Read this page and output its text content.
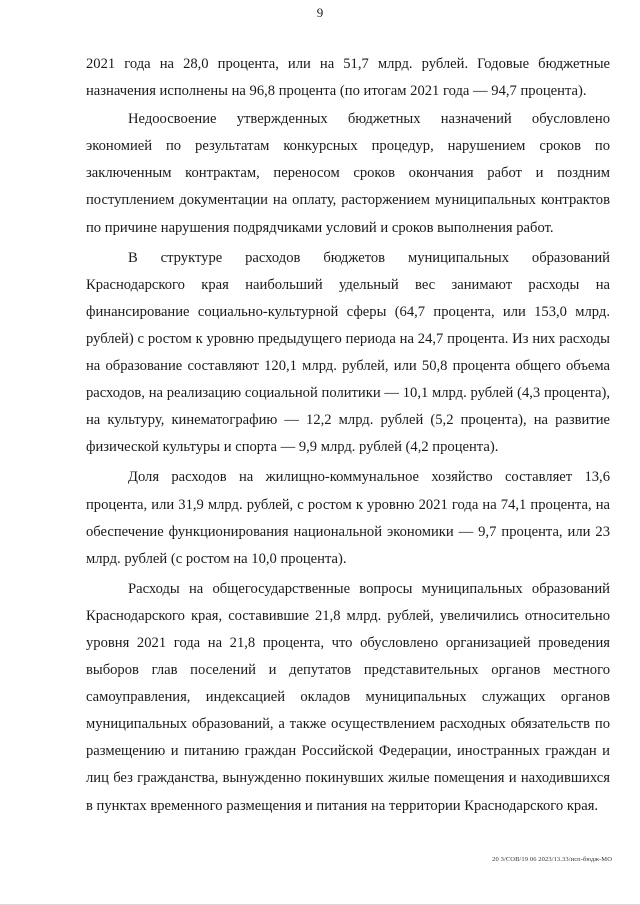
9

2021 года на 28,0 процента, или на 51,7 млрд. рублей. Годовые бюджетные назначения исполнены на 96,8 процента (по итогам 2021 года — 94,7 процента).

Недоосвоение утвержденных бюджетных назначений обусловлено экономией по результатам конкурсных процедур, нарушением сроков по заключенным контрактам, переносом сроков окончания работ и поздним поступлением документации на оплату, расторжением муниципальных контрактов по причине нарушения подрядчиками условий и сроков выполнения работ.

В структуре расходов бюджетов муниципальных образований Краснодарского края наибольший удельный вес занимают расходы на финансирование социально-культурной сферы (64,7 процента, или 153,0 млрд. рублей) с ростом к уровню предыдущего периода на 24,7 процента. Из них расходы на образование составляют 120,1 млрд. рублей, или 50,8 процента общего объема расходов, на реализацию социальной политики — 10,1 млрд. рублей (4,3 процента), на культуру, кинематографию — 12,2 млрд. рублей (5,2 процента), на развитие физической культуры и спорта — 9,9 млрд. рублей (4,2 процента).

Доля расходов на жилищно-коммунальное хозяйство составляет 13,6 процента, или 31,9 млрд. рублей, с ростом к уровню 2021 года на 74,1 процента, на обеспечение функционирования национальной экономики — 9,7 процента, или 23 млрд. рублей (с ростом на 10,0 процента).

Расходы на общегосударственные вопросы муниципальных образований Краснодарского края, составившие 21,8 млрд. рублей, увеличились относительно уровня 2021 года на 21,8 процента, что обусловлено организацией проведения выборов глав поселений и депутатов представительных органов местного самоуправления, индексацией окладов муниципальных служащих органов муниципальных образований, а также осуществлением расходных обязательств по размещению и питанию граждан Российской Федерации, иностранных граждан и лиц без гражданства, вынужденно покинувших жилые помещения и находившихся в пунктах временного размещения и питания на территории Краснодарского края.

20 3/СОВ/19 06 2023/13.33/исп-бюдж-МО
